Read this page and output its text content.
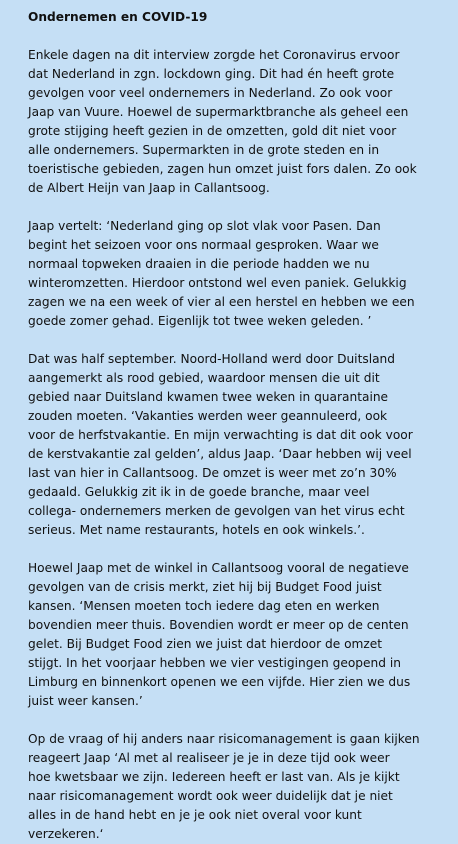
Ondernemen en COVID-19
Enkele dagen na dit interview zorgde het Coronavirus ervoor
dat Nederland in zgn. lockdown ging. Dit had én heeft grote
gevolgen voor veel ondernemers in Nederland. Zo ook voor
Jaap van Vuure. Hoewel de supermarktbranche als geheel een
grote stijging heeft gezien in de omzetten, gold dit niet voor
alle ondernemers. Supermarkten in de grote steden en in
toeristische gebieden, zagen hun omzet juist fors dalen. Zo ook
de Albert Heijn van Jaap in Callantsoog.
Jaap vertelt: ‘Nederland ging op slot vlak voor Pasen. Dan
begint het seizoen voor ons normaal gesproken. Waar we
normaal topweken draaien in die periode hadden we nu
winteromzetten. Hierdoor ontstond wel even paniek. Gelukkig
zagen we na een week of vier al een herstel en hebben we een
goede zomer gehad. Eigenlijk tot twee weken geleden. ’
Dat was half september. Noord-Holland werd door Duitsland
aangemerkt als rood gebied, waardoor mensen die uit dit
gebied naar Duitsland kwamen twee weken in quarantaine
zouden moeten. ‘Vakanties werden weer geannuleerd, ook
voor de herfstvakantie. En mijn verwachting is dat dit ook voor
de kerstvakantie zal gelden’, aldus Jaap. ‘Daar hebben wij veel
last van hier in Callantsoog. De omzet is weer met zo’n 30%
gedaald. Gelukkig zit ik in de goede branche, maar veel
collega- ondernemers merken de gevolgen van het virus echt
serieus. Met name restaurants, hotels en ook winkels.’.
Hoewel Jaap met de winkel in Callantsoog vooral de negatieve
gevolgen van de crisis merkt, ziet hij bij Budget Food juist
kansen. ‘Mensen moeten toch iedere dag eten en werken
bovendien meer thuis. Bovendien wordt er meer op de centen
gelet. Bij Budget Food zien we juist dat hierdoor de omzet
stijgt. In het voorjaar hebben we vier vestigingen geopend in
Limburg en binnenkort openen we een vijfde. Hier zien we dus
juist weer kansen.’
Op de vraag of hij anders naar risicomanagement is gaan kijken
reageert Jaap ‘Al met al realiseer je je in deze tijd ook weer
hoe kwetsbaar we zijn. Iedereen heeft er last van. Als je kijkt
naar risicomanagement wordt ook weer duidelijk dat je niet
alles in de hand hebt en je je ook niet overal voor kunt
verzekeren.‘
